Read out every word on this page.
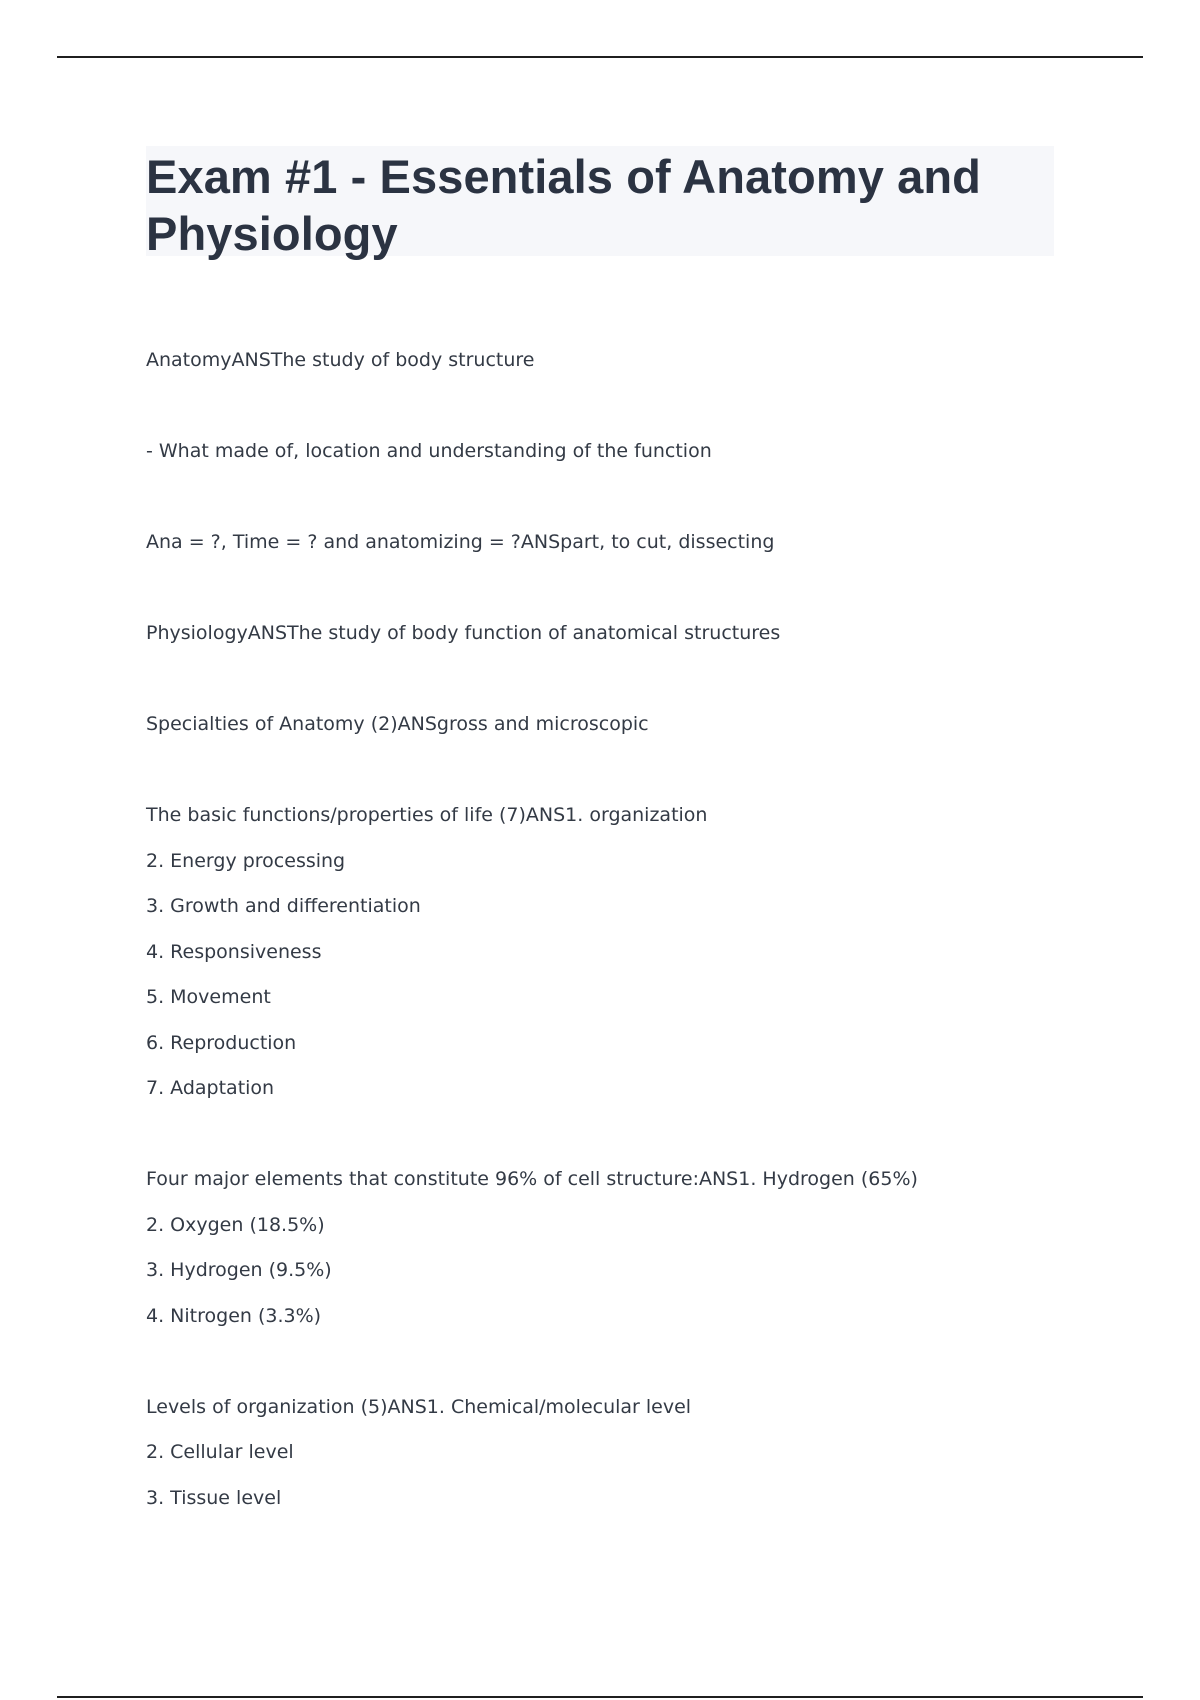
Exam #1 - Essentials of Anatomy and Physiology
AnatomyANSThe study of body structure
- What made of, location and understanding of the function
Ana = ?, Time = ? and anatomizing = ?ANSpart, to cut, dissecting
PhysiologyANSThe study of body function of anatomical structures
Specialties of Anatomy (2)ANSgross and microscopic
The basic functions/properties of life (7)ANS1. organization
2. Energy processing
3. Growth and differentiation
4. Responsiveness
5. Movement
6. Reproduction
7. Adaptation
Four major elements that constitute 96% of cell structure:ANS1. Hydrogen (65%)
2. Oxygen (18.5%)
3. Hydrogen (9.5%)
4. Nitrogen (3.3%)
Levels of organization (5)ANS1. Chemical/molecular level
2. Cellular level
3. Tissue level
